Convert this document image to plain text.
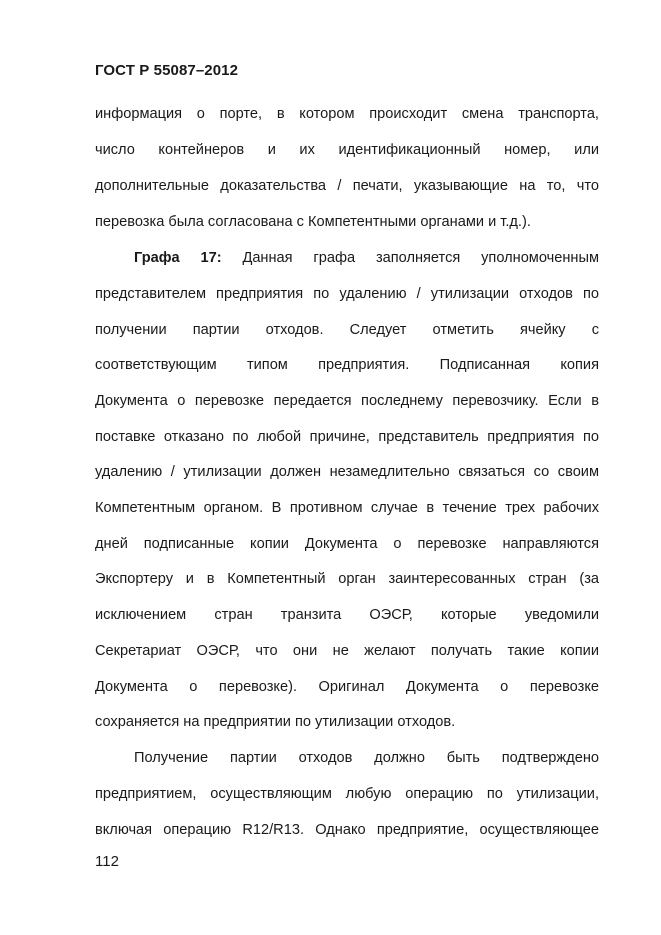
ГОСТ Р 55087–2012
информация о порте, в котором происходит смена транспорта,
число контейнеров и их идентификационный номер, или
дополнительные доказательства / печати, указывающие на то, что
перевозка была согласована с Компетентными органами и т.д.).
Графа 17: Данная графа заполняется уполномоченным
представителем предприятия по удалению / утилизации отходов по
получении партии отходов. Следует отметить ячейку с
соответствующим типом предприятия. Подписанная копия
Документа о перевозке передается последнему перевозчику. Если в
поставке отказано по любой причине, представитель предприятия по
удалению / утилизации должен незамедлительно связаться со своим
Компетентным органом. В противном случае в течение трех рабочих
дней подписанные копии Документа о перевозке направляются
Экспортеру и в Компетентный орган заинтересованных стран (за
исключением стран транзита ОЭСР, которые уведомили
Секретариат ОЭСР, что они не желают получать такие копии
Документа о перевозке). Оригинал Документа о перевозке
сохраняется на предприятии по утилизации отходов.
Получение партии отходов должно быть подтверждено
предприятием, осуществляющим любую операцию по утилизации,
включая операцию R12/R13. Однако предприятие, осуществляющее
112
